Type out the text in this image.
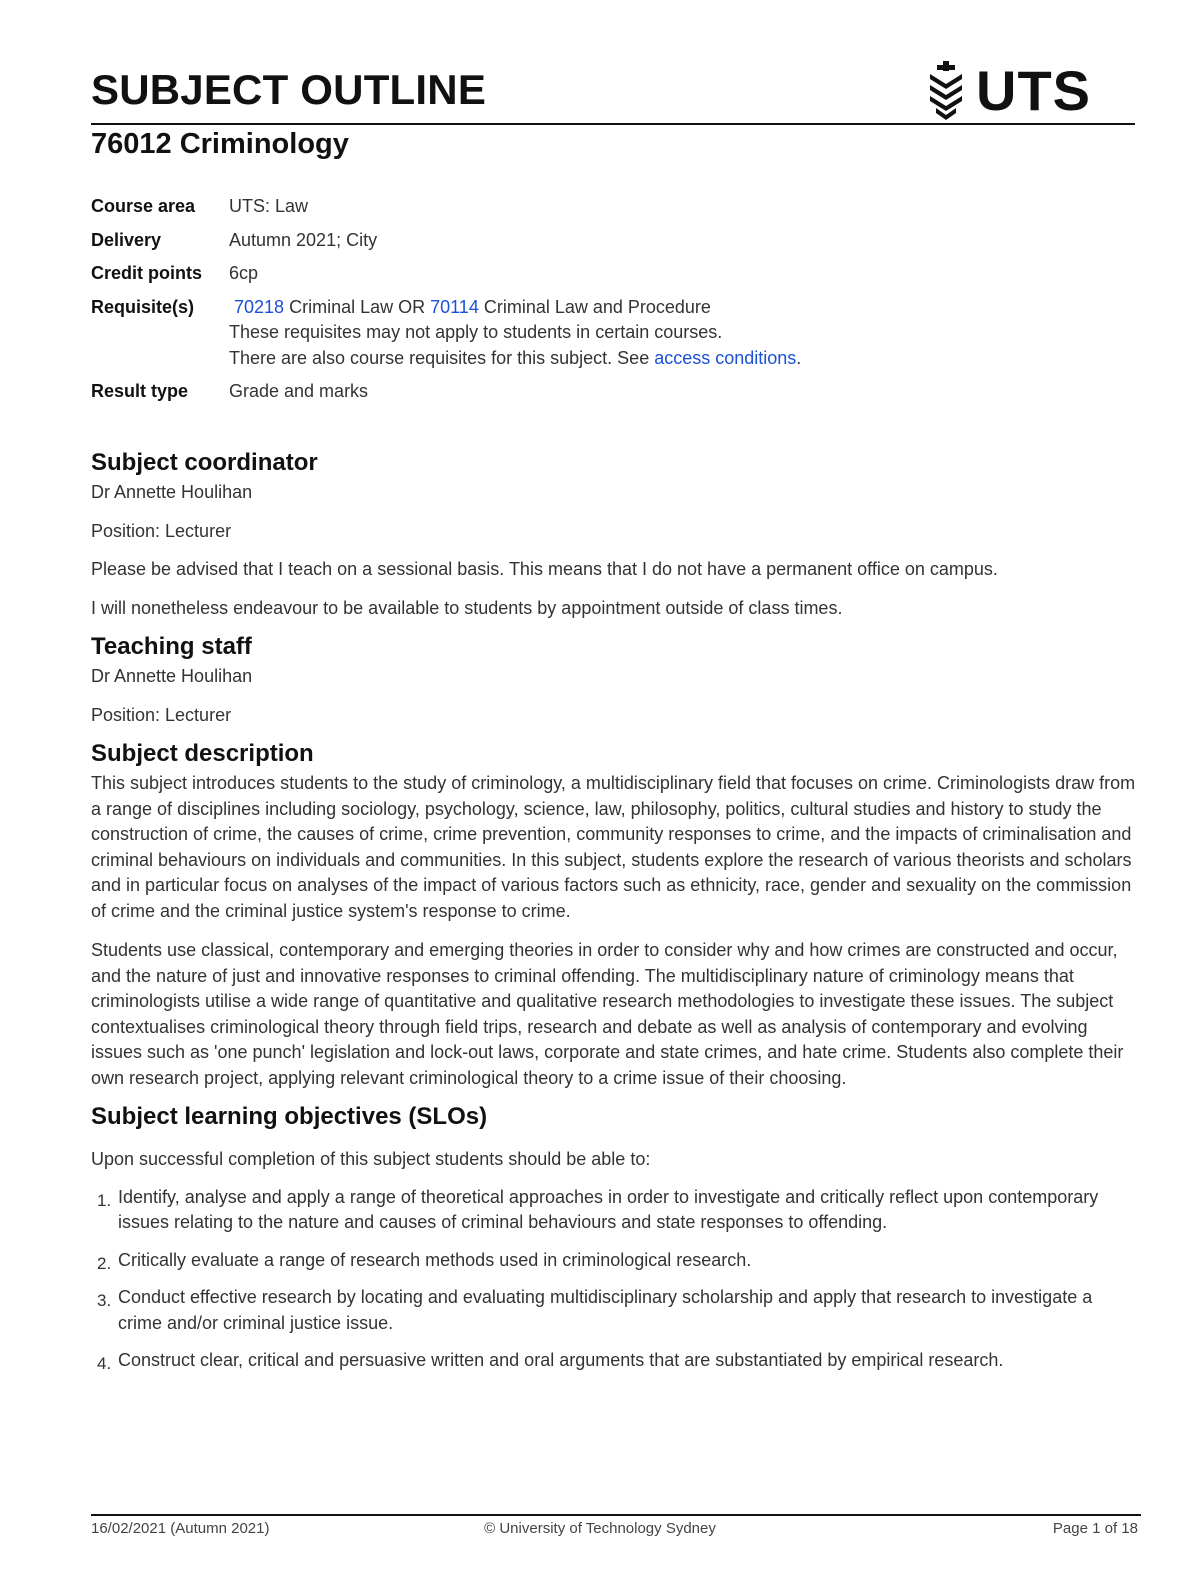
SUBJECT OUTLINE	UTS
76012 Criminology
Course area	UTS: Law
Delivery	Autumn 2021; City
Credit points	6cp
Requisite(s)	70218 Criminal Law OR 70114 Criminal Law and Procedure
These requisites may not apply to students in certain courses.
There are also course requisites for this subject. See access conditions.
Result type	Grade and marks
Subject coordinator

Dr Annette Houlihan

Position: Lecturer

Please be advised that I teach on a sessional basis. This means that I do not have a permanent office on campus.

I will nonetheless endeavour to be available to students by appointment outside of class times.

Teaching staff

Dr Annette Houlihan

Position: Lecturer

Subject description

This subject introduces students to the study of criminology, a multidisciplinary field that focuses on crime. Criminologists draw from a range of disciplines including sociology, psychology, science, law, philosophy, politics, cultural studies and history to study the construction of crime, the causes of crime, crime prevention, community responses to crime, and the impacts of criminalisation and criminal behaviours on individuals and communities. In this subject, students explore the research of various theorists and scholars and in particular focus on analyses of the impact of various factors such as ethnicity, race, gender and sexuality on the commission of crime and the criminal justice system's response to crime.

Students use classical, contemporary and emerging theories in order to consider why and how crimes are constructed and occur, and the nature of just and innovative responses to criminal offending. The multidisciplinary nature of criminology means that criminologists utilise a wide range of quantitative and qualitative research methodologies to investigate these issues. The subject contextualises criminological theory through field trips, research and debate as well as analysis of contemporary and evolving issues such as 'one punch' legislation and lock-out laws, corporate and state crimes, and hate crime. Students also complete their own research project, applying relevant criminological theory to a crime issue of their choosing.

Subject learning objectives (SLOs)

Upon successful completion of this subject students should be able to:

1. Identify, analyse and apply a range of theoretical approaches in order to investigate and critically reflect upon contemporary issues relating to the nature and causes of criminal behaviours and state responses to offending.
2. Critically evaluate a range of research methods used in criminological research.
3. Conduct effective research by locating and evaluating multidisciplinary scholarship and apply that research to investigate a crime and/or criminal justice issue.
4. Construct clear, critical and persuasive written and oral arguments that are substantiated by empirical research.
16/02/2021 (Autumn 2021)	© University of Technology Sydney	Page 1 of 18
